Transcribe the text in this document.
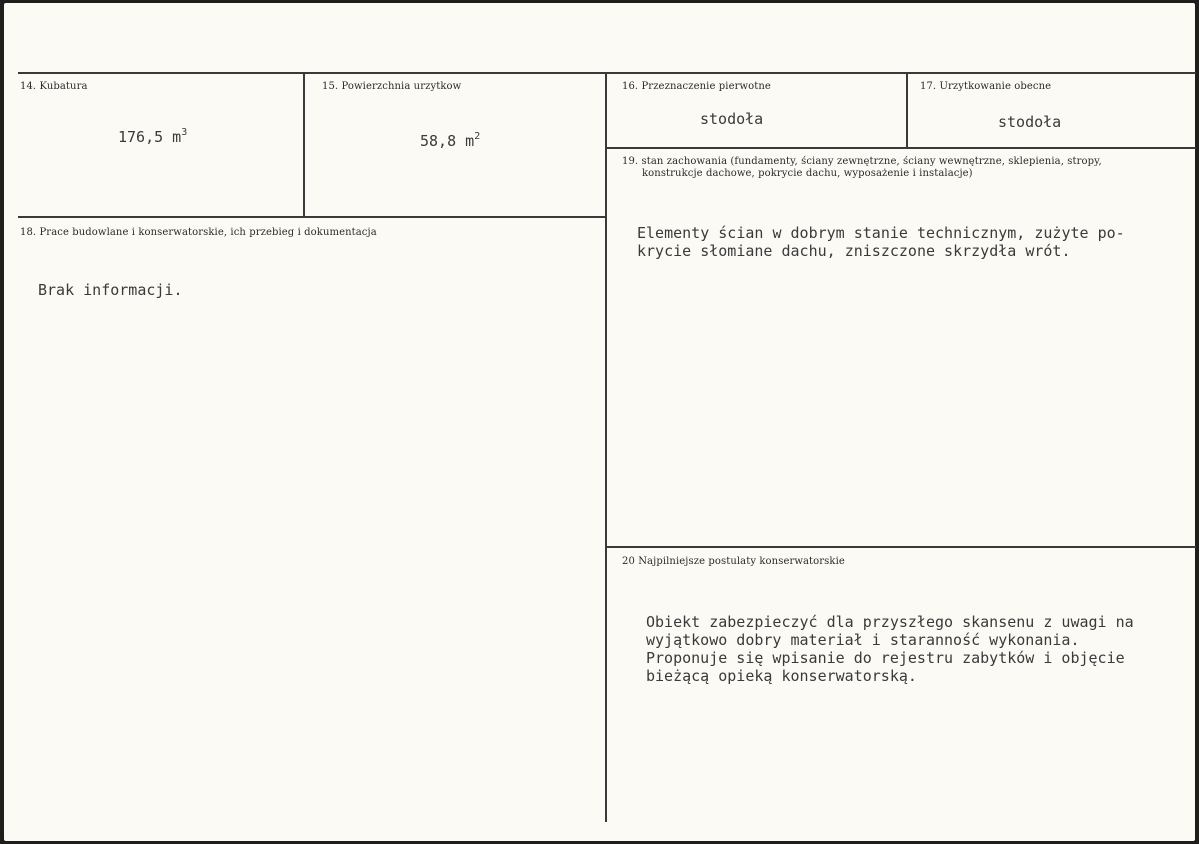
14. Kubatura
176,5 $m^3$
15. Powierzchnia urzytkow
58,8 $m^2$
16. Przeznaczenie pierwotne
stodoła
17. Urzytkowanie obecne
stodoła
18. Prace budowlane i konserwatorskie, ich przebieg i dokumentacja
Brak informacji.
19. stan zachowania (fundamenty, ściany zewnętrzne, ściany wewnętrzne, sklepienia, stropy,
konstrukcje dachowe, pokrycie dachu, wyposażenie i instalacje)
Elementy ścian w dobrym stanie technicznym, zużyte po-
krycie słomiane dachu, zniszczone skrzydła wrót.
20 Najpilniejsze postulaty konserwatorskie
Obiekt zabezpieczyć dla przyszłego skansenu z uwagi na
wyjątkowo dobry materiał i staranność wykonania.
Proponuje się wpisanie do rejestru zabytków i objęcie
bieżącą opieką konserwatorską.
